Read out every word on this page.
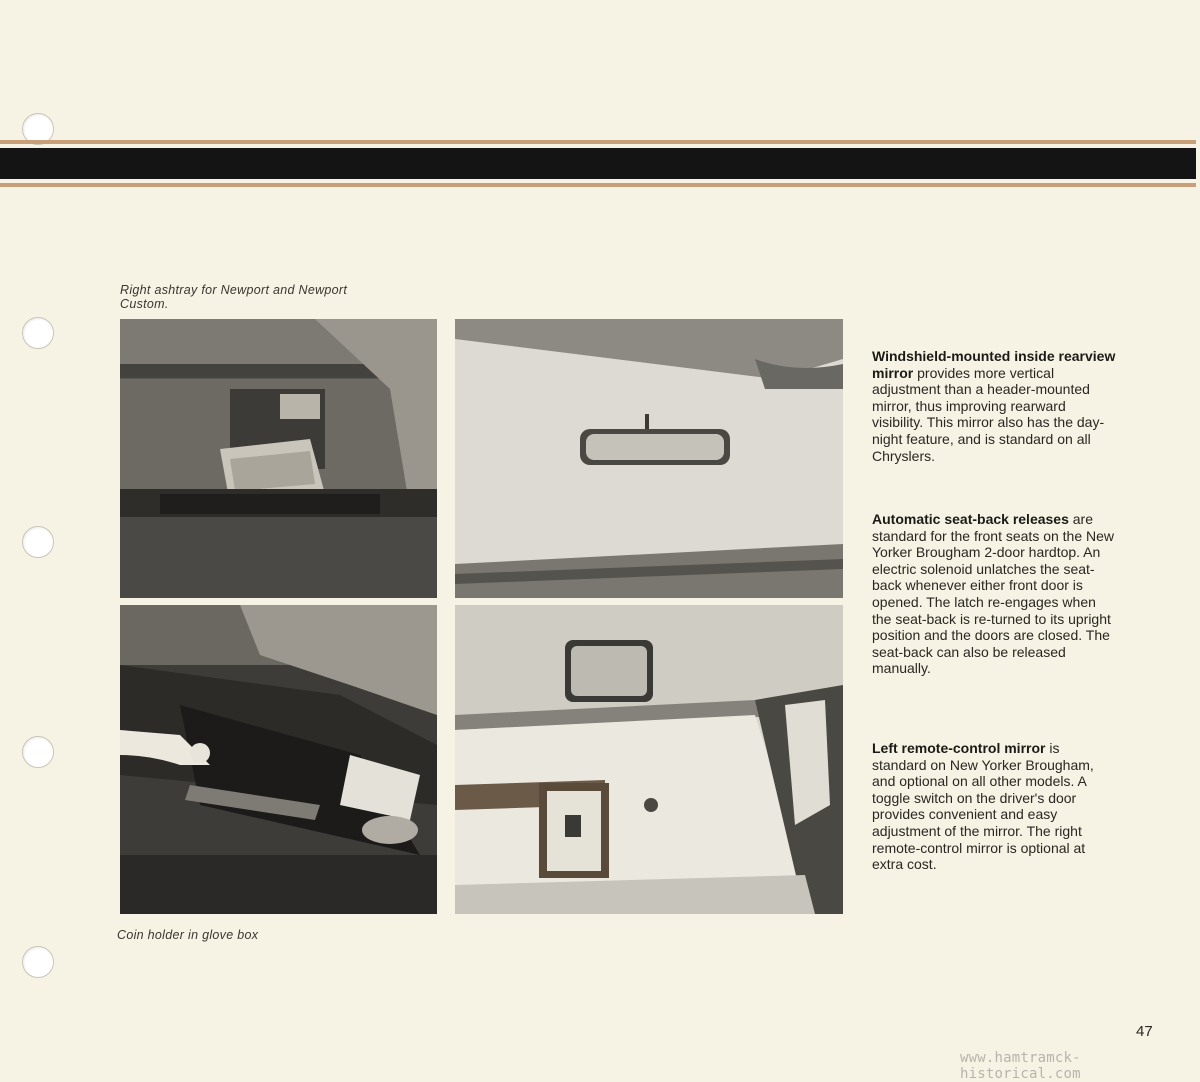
Right ashtray for Newport and Newport Custom.
Coin holder in glove box
Windshield-mounted inside rearview mirror provides more vertical adjustment than a header-mounted mirror, thus improving rearward visibility. This mirror also has the day-night feature, and is standard on all Chryslers.
Automatic seat-back releases are standard for the front seats on the New Yorker Brougham 2-door hardtop. An electric solenoid unlatches the seat-back whenever either front door is opened. The latch re-engages when the seat-back is re-turned to its upright position and the doors are closed. The seat-back can also be released manually.
Left remote-control mirror is standard on New Yorker Brougham, and optional on all other models. A toggle switch on the driver's door provides convenient and easy adjustment of the mirror. The right remote-control mirror is optional at extra cost.
47
www.hamtramck-historical.com
